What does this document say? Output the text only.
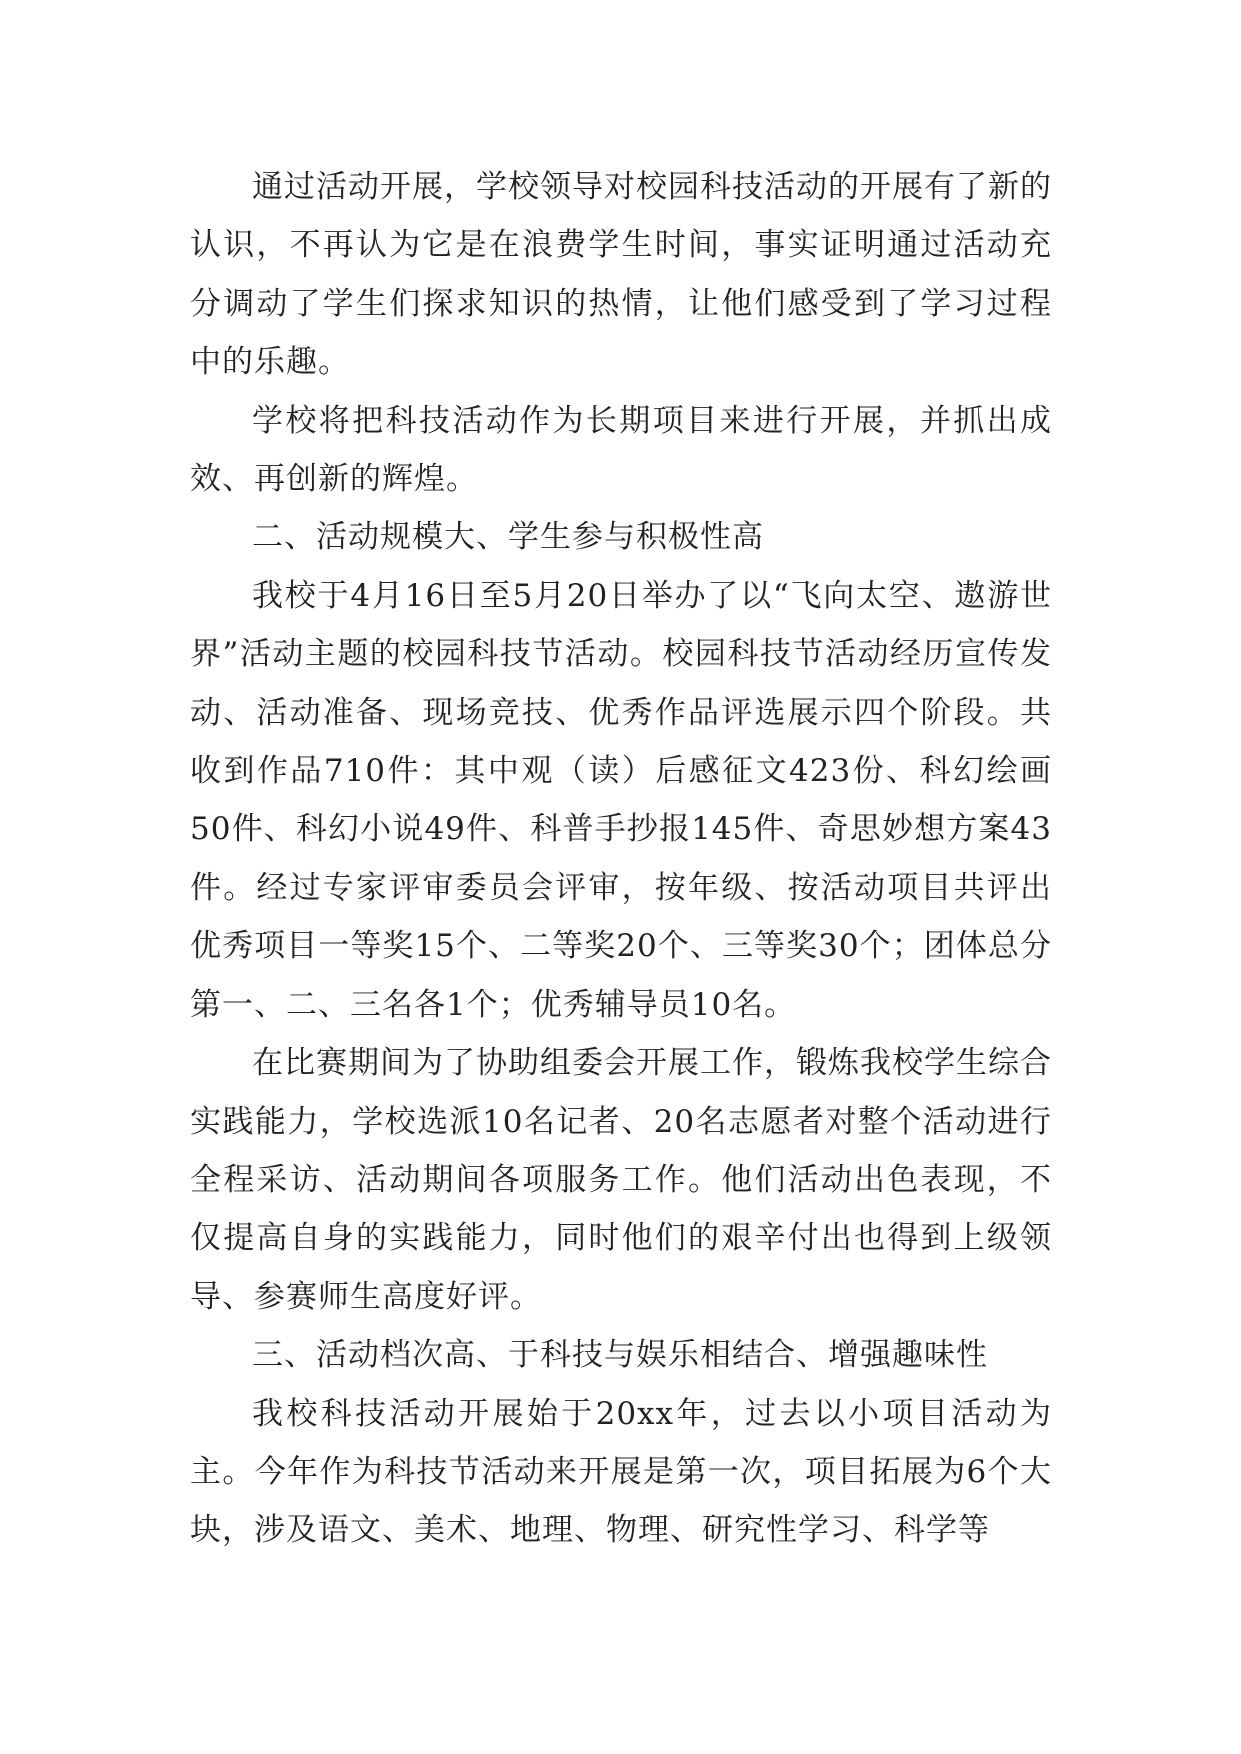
通过活动开展，学校领导对校园科技活动的开展有了新的认识，不再认为它是在浪费学生时间，事实证明通过活动充分调动了学生们探求知识的热情，让他们感受到了学习过程中的乐趣。

学校将把科技活动作为长期项目来进行开展，并抓出成效、再创新的辉煌。

二、活动规模大、学生参与积极性高

我校于4月16日至5月20日举办了以“飞向太空、遨游世界”活动主题的校园科技节活动。校园科技节活动经历宣传发动、活动准备、现场竞技、优秀作品评选展示四个阶段。共收到作品710件：其中观（读）后感征文423份、科幻绘画50件、科幻小说49件、科普手抄报145件、奇思妙想方案43件。经过专家评审委员会评审，按年级、按活动项目共评出优秀项目一等奖15个、二等奖20个、三等奖30个；团体总分第一、二、三名各1个；优秀辅导员10名。

在比赛期间为了协助组委会开展工作，锻炼我校学生综合实践能力，学校选派10名记者、20名志愿者对整个活动进行全程采访、活动期间各项服务工作。他们活动出色表现，不仅提高自身的实践能力，同时他们的艰辛付出也得到上级领导、参赛师生高度好评。

三、活动档次高、于科技与娱乐相结合、增强趣味性

我校科技活动开展始于20xx年，过去以小项目活动为主。今年作为科技节活动来开展是第一次，项目拓展为6个大块，涉及语文、美术、地理、物理、研究性学习、科学等
